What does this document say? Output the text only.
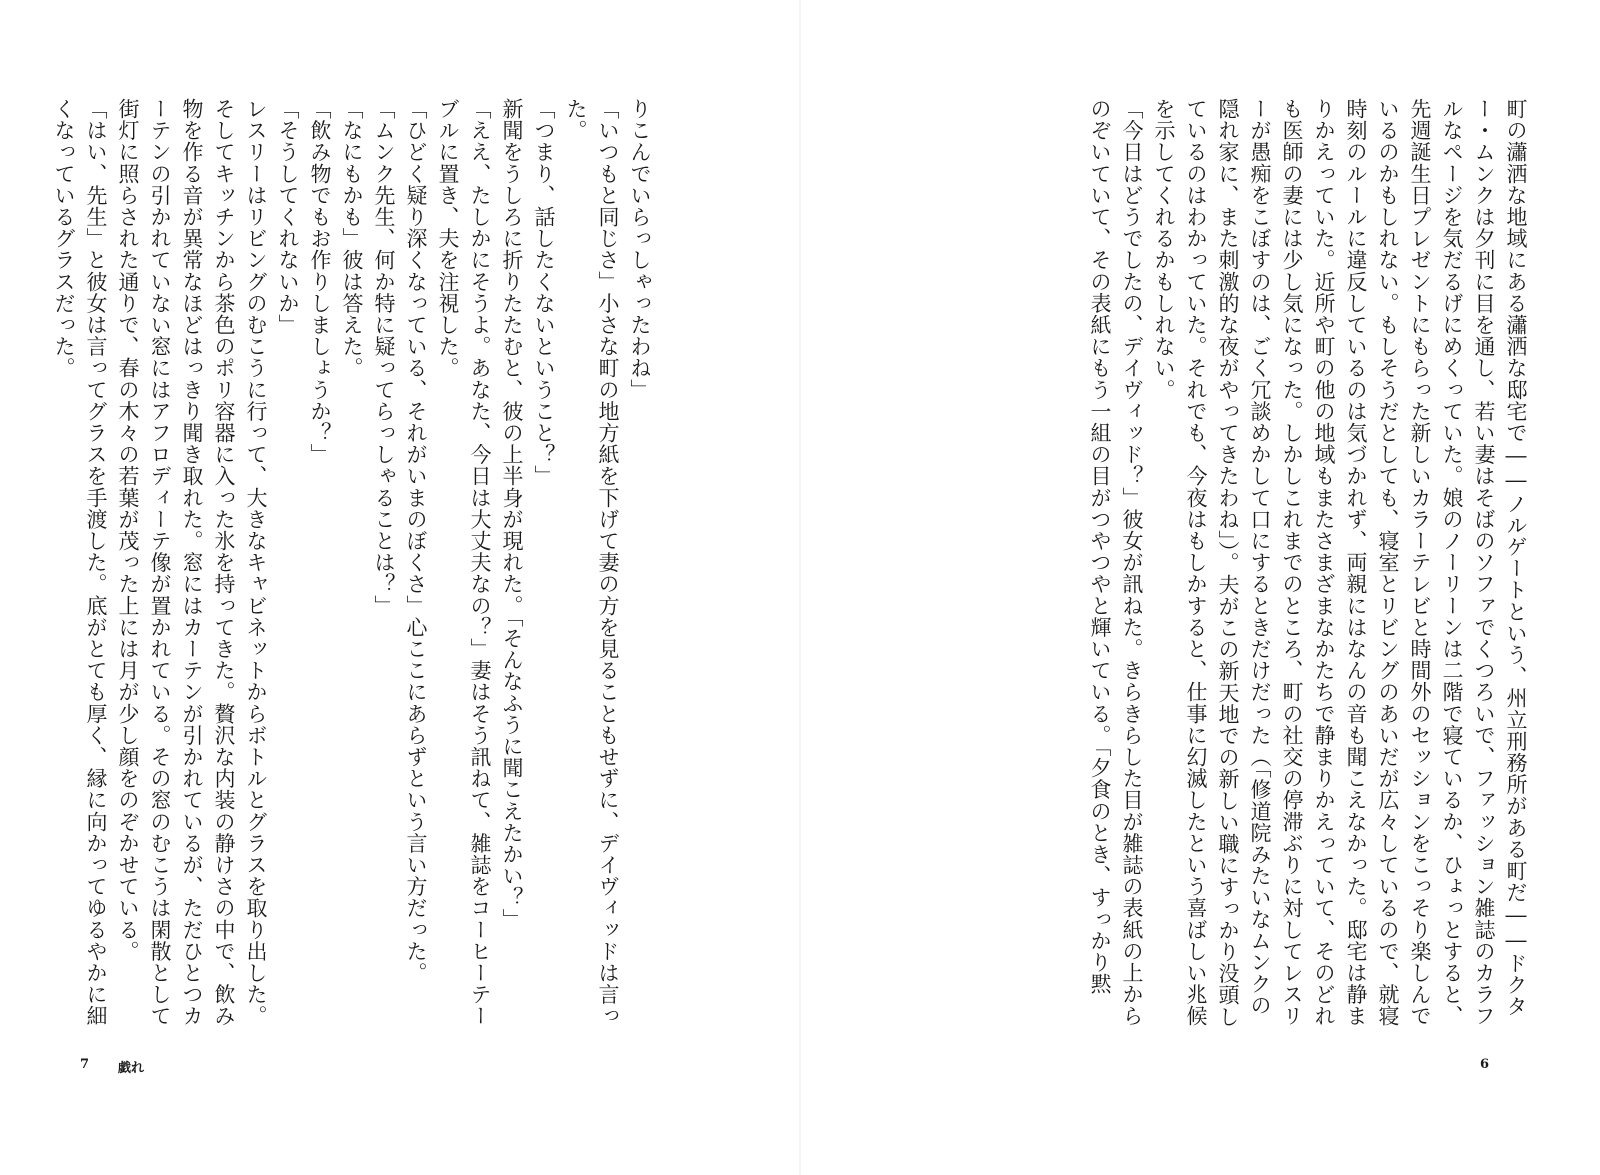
りこんでいらっしゃったわね」
「いつもと同じさ」小さな町の地方紙を下げて妻の方を見ることもせずに、デイヴィッドは言っ
た。
「つまり、話したくないということ？」
新聞をうしろに折りたたむと、彼の上半身が現れた。「そんなふうに聞こえたかい？」
「ええ、たしかにそうよ。あなた、今日は大丈夫なの？」妻はそう訊ねて、雑誌をコーヒーテー
ブルに置き、夫を注視した。
「ひどく疑り深くなっている、それがいまのぼくさ」心ここにあらずという言い方だった。
「ムンク先生、何か特に疑ってらっしゃることは？」
「なにもかも」彼は答えた。
「飲み物でもお作りしましょうか？」
「そうしてくれないか」
レスリーはリビングのむこうに行って、大きなキャビネットからボトルとグラスを取り出した。
そしてキッチンから茶色のポリ容器に入った氷を持ってきた。贅沢な内装の静けさの中で、飲み
物を作る音が異常なほどはっきり聞き取れた。窓にはカーテンが引かれているが、ただひとつカ
ーテンの引かれていない窓にはアフロディーテ像が置かれている。その窓のむこうは閑散として
街灯に照らされた通りで、春の木々の若葉が茂った上には月が少し顔をのぞかせている。
「はい、先生」と彼女は言ってグラスを手渡した。底がとても厚く、縁に向かってゆるやかに細
くなっているグラスだった。
7 戯れ
町の瀟洒な地域にある瀟洒な邸宅で――ノルゲートという、州立刑務所がある町だ――ドクタ
ー・ムンクは夕刊に目を通し、若い妻はそばのソファでくつろいで、ファッション雑誌のカラフ
ルなページを気だるげにめくっていた。娘のノーリーンは二階で寝ているか、ひょっとすると、
先週誕生日プレゼントにもらった新しいカラーテレビと時間外のセッションをこっそり楽しんで
いるのかもしれない。もしそうだとしても、寝室とリビングのあいだが広々しているので、就寝
時刻のルールに違反しているのは気づかれず、両親にはなんの音も聞こえなかった。邸宅は静ま
りかえっていた。近所や町の他の地域もまたさまざまなかたちで静まりかえっていて、そのどれ
も医師の妻には少し気になった。しかしこれまでのところ、町の社交の停滞ぶりに対してレスリ
ーが愚痴をこぼすのは、ごく冗談めかして口にするときだけだった（「修道院みたいなムンクの
隠れ家に、また刺激的な夜がやってきたわね」）。夫がこの新天地での新しい職にすっかり没頭し
ているのはわかっていた。それでも、今夜はもしかすると、仕事に幻滅したという喜ばしい兆候
を示してくれるかもしれない。
「今日はどうでしたの、デイヴィッド？」彼女が訊ねた。きらきらした目が雑誌の表紙の上から
のぞいていて、その表紙にもう一組の目がつやつやと輝いている。「夕食のとき、すっかり黙
6
